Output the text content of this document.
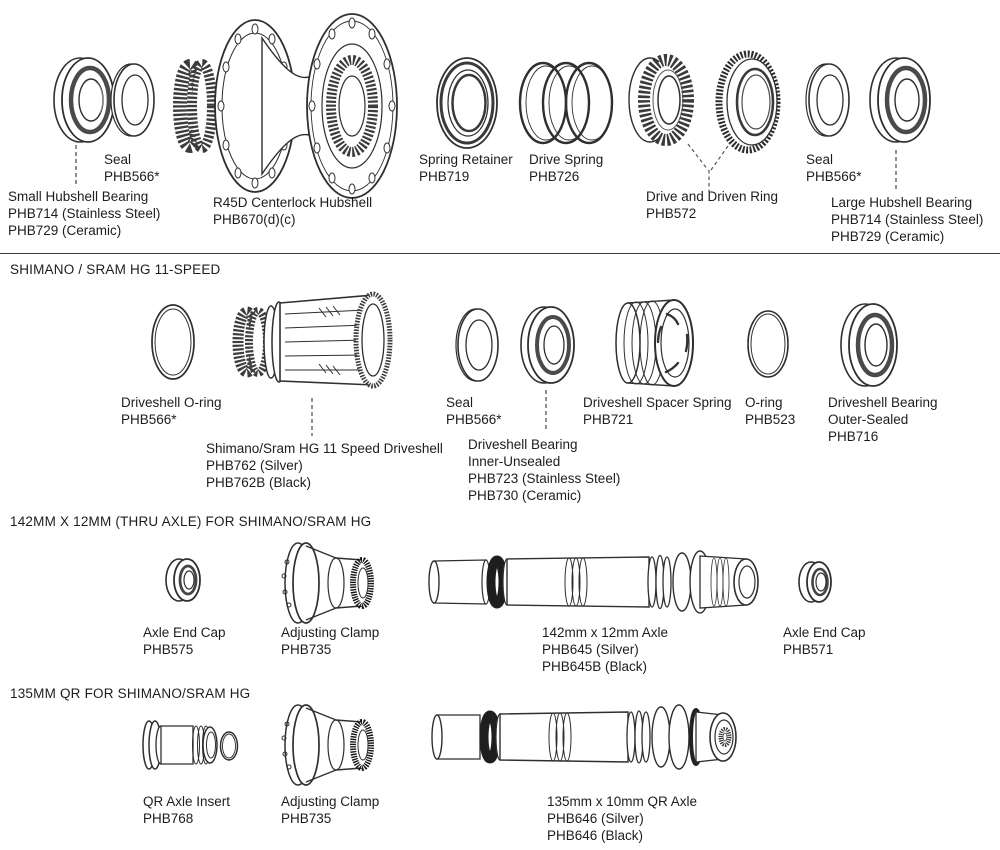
Small Hubshell Bearing
PHB714 (Stainless Steel)
PHB729 (Ceramic)
Seal
PHB566*
R45D Centerlock Hubshell
PHB670(d)(c)
Spring Retainer
PHB719
Drive Spring
PHB726
Drive and Driven Ring
PHB572
Seal
PHB566*
Large Hubshell Bearing
PHB714 (Stainless Steel)
PHB729 (Ceramic)
SHIMANO / SRAM HG 11-SPEED
Driveshell O-ring
PHB566*
Shimano/Sram HG 11 Speed Driveshell
PHB762 (Silver)
PHB762B (Black)
Seal
PHB566*
Driveshell Bearing
Inner-Unsealed
PHB723 (Stainless Steel)
PHB730 (Ceramic)
Driveshell Spacer Spring
PHB721
O-ring
PHB523
Driveshell Bearing
Outer-Sealed
PHB716
142MM X 12MM (THRU AXLE) FOR SHIMANO/SRAM HG
Axle End Cap
PHB575
Adjusting Clamp
PHB735
142mm x 12mm Axle
PHB645 (Silver)
PHB645B (Black)
Axle End Cap
PHB571
135MM QR FOR SHIMANO/SRAM HG
QR Axle Insert
PHB768
Adjusting Clamp
PHB735
135mm x 10mm QR Axle
PHB646 (Silver)
PHB646 (Black)
